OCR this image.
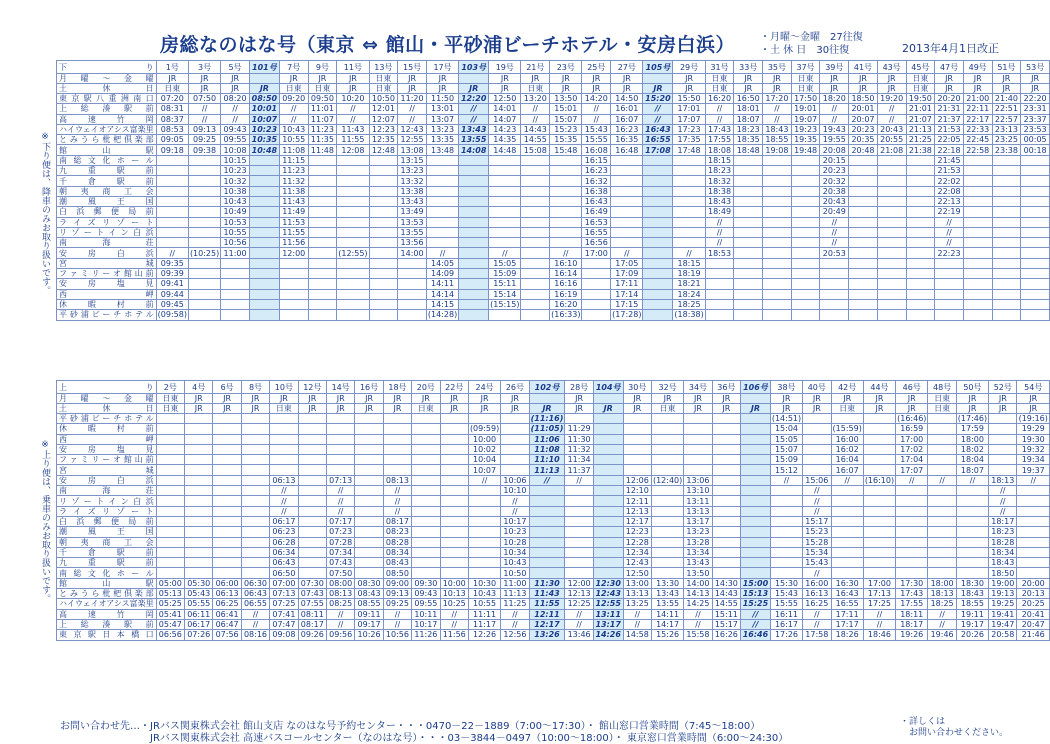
房総なのはな号（東京 ⇔ 館山・平砂浦ビーチホテル・安房白浜）	・月曜～金曜　27往復
・土 休 日　30往復	2013年4月1日改正
※下り便は、降車のみお取り扱いです。
※上り便は、乗車のみお取り扱いです。
下　り	1号	3号	5号	101号	7号	9号	11号	13号	15号	17号	103号	19号	21号	23号	25号	27号	105号	29号	31号	33号	35号	37号	39号	41号	43号	45号	47号	49号	51号	53号
月　曜　～　金　曜	JR	JR	JR		JR	JR	JR	日東	JR	JR		JR	JR	JR	JR	JR		JR	日東	JR	JR	日東	JR	JR	JR	日東	JR	JR	JR	JR
土　休　日	日東	JR	JR	JR	日東	日東	JR	日東	JR	JR	JR	JR	日東	JR	JR	JR	JR	JR	日東	JR	JR	日東	JR	JR	JR	日東	JR	JR	JR	JR
東京駅八重洲南口	07:20	07:50	08:20	08:50	09:20	09:50	10:20	10:50	11:20	11:50	12:20	12:50	13:20	13:50	14:20	14:50	15:20	15:50	16:20	16:50	17:20	17:50	18:20	18:50	19:20	19:50	20:20	21:00	21:40	22:20
上総湊駅前	08:31	//	//	10:01	//	11:01	//	12:01	//	13:01	//	14:01	//	15:01	//	16:01	//	17:01	//	18:01	//	19:01	//	20:01	//	21:01	21:31	22:11	22:51	23:31
高速竹岡	08:37	//	//	10:07	//	11:07	//	12:07	//	13:07	//	14:07	//	15:07	//	16:07	//	17:07	//	18:07	//	19:07	//	20:07	//	21:07	21:37	22:17	22:57	23:37
ハイウェイオアシス富楽里	08:53	09:13	09:43	10:23	10:43	11:23	11:43	12:23	12:43	13:23	13:43	14:23	14:43	15:23	15:43	16:23	16:43	17:23	17:43	18:23	18:43	19:23	19:43	20:23	20:43	21:13	21:53	22:33	23:13	23:53
とみうら枇杷倶楽部	09:05	09:25	09:55	10:35	10:55	11:35	11:55	12:35	12:55	13:35	13:55	14:35	14:55	15:35	15:55	16:35	16:55	17:35	17:55	18:35	18:55	19:35	19:55	20:35	20:55	21:25	22:05	22:45	23:25	00:05
館山駅	09:18	09:38	10:08	10:48	11:08	11:48	12:08	12:48	13:08	13:48	14:08	14:48	15:08	15:48	16:08	16:48	17:08	17:48	18:08	18:48	19:08	19:48	20:08	20:48	21:08	21:38	22:18	22:58	23:38	00:18
南総文化ホール			10:15		11:15				13:15						16:15				18:15				20:15				21:45			
九重駅前			10:23		11:23				13:23						16:23				18:23				20:23				21:53			
千倉駅前			10:32		11:32				13:32						16:32				18:32				20:32				22:02			
朝夷商工会			10:38		11:38				13:38						16:38				18:38				20:38				22:08			
潮風王国			10:43		11:43				13:43						16:43				18:43				20:43				22:13			
白浜郵便局前			10:49		11:49				13:49						16:49				18:49				20:49				22:19			
ライズリゾート			10:53		11:53				13:53						16:53				//				//				//			
リゾートイン白浜			10:55		11:55				13:55						16:55				//				//				//			
南海荘			10:56		11:56				13:56						16:56				//				//				//			
安房白浜	//	(10:25)	11:00		12:00		(12:55)		14:00	//		//		//	17:00	//		//	18:53				20:53				22:23			
宮城	09:35									14:05		15:05		16:10		17:05		18:15												
ファミリーオ館山前	09:39									14:09		15:09		16:14		17:09		18:19												
安房塩見	09:41									14:11		15:11		16:16		17:11		18:21												
西岬	09:44									14:14		15:14		16:19		17:14		18:24												
休暇村前	09:45									14:15		(15:15)		16:20		17:15		18:25												
平砂浦ビーチホテル	(09:58)									(14:28)				(16:33)		(17:28)		(18:38)												
上　り	2号	4号	6号	8号	10号	12号	14号	16号	18号	20号	22号	24号	26号	102号	28号	104号	30号	32号	34号	36号	106号	38号	40号	42号	44号	46号	48号	50号	52号	54号
月　曜　～　金　曜	日東	JR	JR	JR	JR	JR	JR	JR	JR	JR	JR	JR	JR		JR		JR	JR	JR	JR		JR	JR	JR	JR	JR	日東	JR	JR	JR
土　休　日	日東	JR	JR	JR	日東	JR	JR	JR	JR	日東	JR	JR	JR	JR	JR	JR	JR	日東	JR	JR	JR	JR	JR	日東	JR	JR	日東	JR	JR	JR
平砂浦ビーチホテル														(11:16)								(14:51)				(16:46)		(17:46)		(19:16)
休暇村前												(09:59)		(11:05)	11:29							15:04		(15:59)		16:59		17:59		19:29
西岬												10:00		11:06	11:30							15:05		16:00		17:00		18:00		19:30
安房塩見												10:02		11:08	11:32							15:07		16:02		17:02		18:02		19:32
ファミリーオ館山前												10:04		11:10	11:34							15:09		16:04		17:04		18:04		19:34
宮城												10:07		11:13	11:37							15:12		16:07		17:07		18:07		19:37
安房白浜					06:13		07:13		08:13			//	10:06	//	//		12:06	(12:40)	13:06			//	15:06	//	(16:10)	//	//	//	18:13	//
南海荘					//		//		//				10:10				12:10		13:10				//						//	
リゾートイン白浜					//		//		//				//				12:11		13:11				//						//	
ライズリゾート					//		//		//				//				12:13		13:13				//						//	
白浜郵便局前					06:17		07:17		08:17				10:17				12:17		13:17				15:17						18:17	
潮風王国					06:23		07:23		08:23				10:23				12:23		13:23				15:23						18:23	
朝夷商工会					06:28		07:28		08:28				10:28				12:28		13:28				15:28						18:28	
千倉駅前					06:34		07:34		08:34				10:34				12:34		13:34				15:34						18:34	
九重駅前					06:43		07:43		08:43				10:43				12:43		13:43				15:43						18:43	
南総文化ホール					06:50		07:50		08:50				10:50				12:50		13:50				//						18:50	
館山駅	05:00	05:30	06:00	06:30	07:00	07:30	08:00	08:30	09:00	09:30	10:00	10:30	11:00	11:30	12:00	12:30	13:00	13:30	14:00	14:30	15:00	15:30	16:00	16:30	17:00	17:30	18:00	18:30	19:00	20:00
とみうら枇杷倶楽部	05:13	05:43	06:13	06:43	07:13	07:43	08:13	08:43	09:13	09:43	10:13	10:43	11:13	11:43	12:13	12:43	13:13	13:43	14:13	14:43	15:13	15:43	16:13	16:43	17:13	17:43	18:13	18:43	19:13	20:13
ハイウェイオアシス富楽里	05:25	05:55	06:25	06:55	07:25	07:55	08:25	08:55	09:25	09:55	10:25	10:55	11:25	11:55	12:25	12:55	13:25	13:55	14:25	14:55	15:25	15:55	16:25	16:55	17:25	17:55	18:25	18:55	19:25	20:25
高速竹岡	05:41	06:11	06:41	//	07:41	08:11	//	09:11	//	10:11	//	11:11	//	12:11	//	13:11	//	14:11	//	15:11	//	16:11	//	17:11	//	18:11	//	19:11	19:41	20:41
上総湊駅前	05:47	06:17	06:47	//	07:47	08:17	//	09:17	//	10:17	//	11:17	//	12:17	//	13:17	//	14:17	//	15:17	//	16:17	//	17:17	//	18:17	//	19:17	19:47	20:47
東京駅日本橋口	06:56	07:26	07:56	08:16	09:08	09:26	09:56	10:26	10:56	11:26	11:56	12:26	12:56	13:26	13:46	14:26	14:58	15:26	15:58	16:26	16:46	17:26	17:58	18:26	18:46	19:26	19:46	20:26	20:58	21:46
お問い合わせ先…・JRバス関東株式会社 館山支店 なのはな号予約センター・・・0470－22－1889（7:00～17:30）・ 館山窓口営業時間（7:45～18:00）
JRバス関東株式会社 高速バスコールセンター（なのはな号）・・・03－3844－0497（10:00～18:00）・ 東京窓口営業時間（6:00～24:30）
・詳しくは
　お問い合わせください。
